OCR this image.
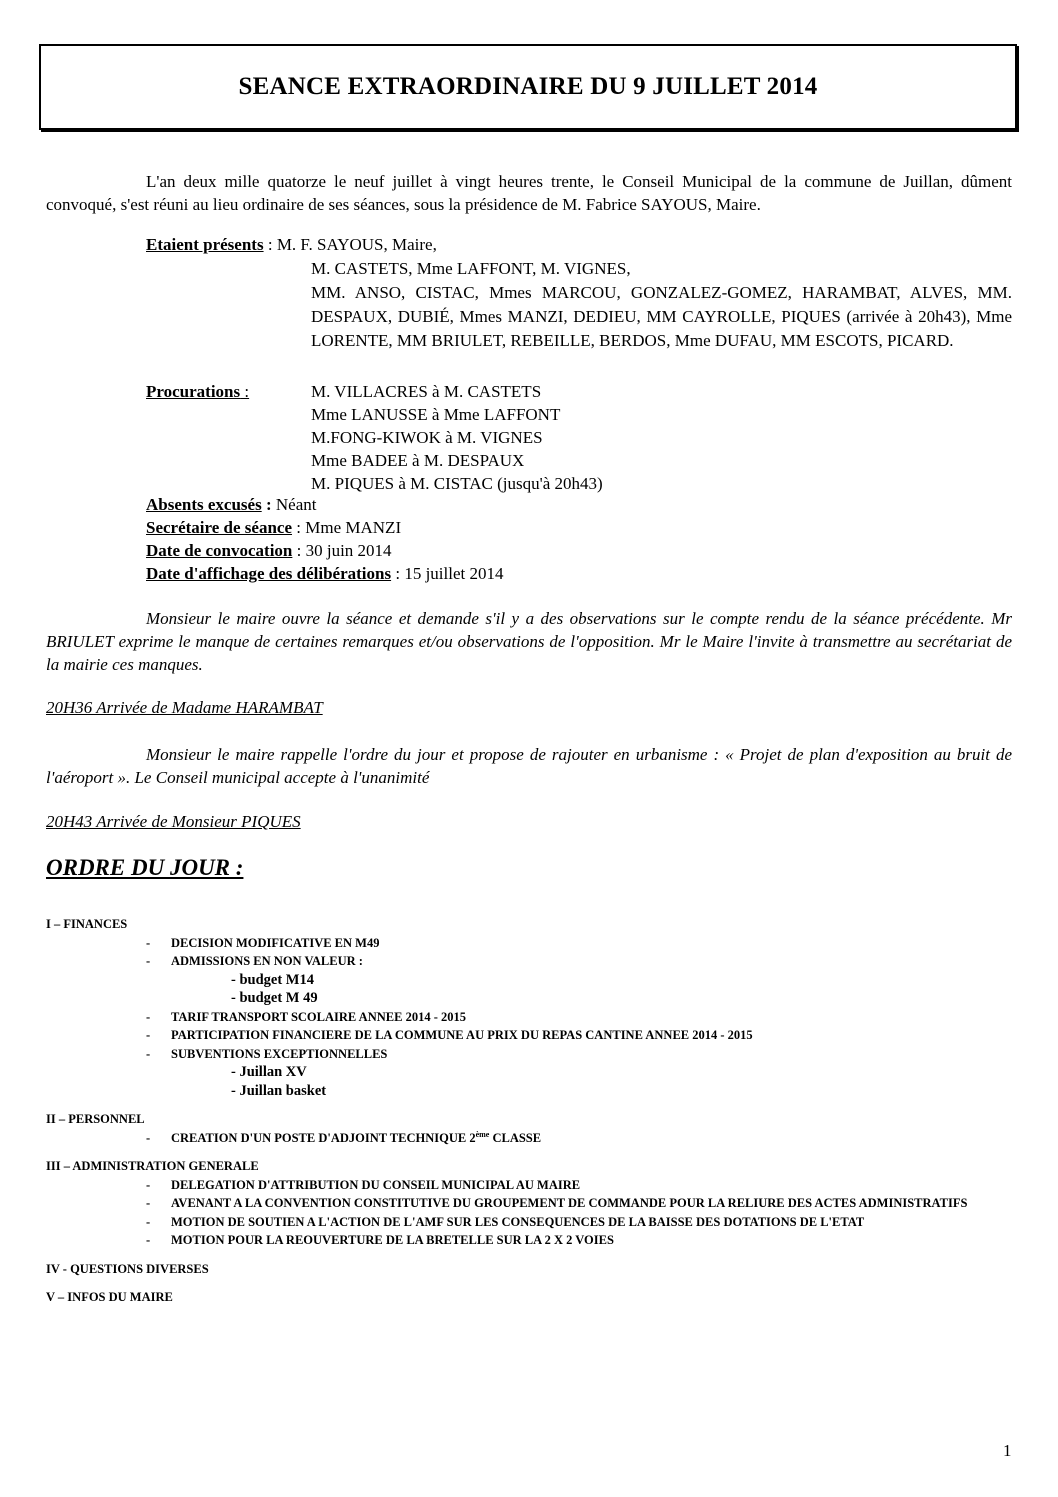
SEANCE EXTRAORDINAIRE DU 9 JUILLET 2014
L'an deux mille quatorze le neuf juillet à vingt heures trente, le Conseil Municipal de la commune de Juillan, dûment convoqué, s'est réuni au lieu ordinaire de ses séances, sous la présidence de M. Fabrice SAYOUS, Maire.
Etaient présents : M. F. SAYOUS, Maire,
M. CASTETS, Mme LAFFONT, M. VIGNES,
MM. ANSO, CISTAC, Mmes MARCOU, GONZALEZ-GOMEZ, HARAMBAT, ALVES, MM. DESPAUX, DUBIÉ, Mmes MANZI, DEDIEU, MM CAYROLLE, PIQUES (arrivée à 20h43), Mme LORENTE, MM BRIULET, REBEILLE, BERDOS, Mme DUFAU, MM ESCOTS, PICARD.
Procurations :	M. VILLACRES à M. CASTETS
Mme LANUSSE à Mme LAFFONT
M.FONG-KIWOK à M. VIGNES
Mme BADEE à M. DESPAUX
M. PIQUES à M. CISTAC (jusqu'à 20h43)
Absents excusés : Néant
Secrétaire de séance : Mme MANZI
Date de convocation : 30 juin 2014
Date d'affichage des délibérations : 15 juillet 2014
Monsieur le maire ouvre la séance et demande s'il y a des observations sur le compte rendu de la séance précédente. Mr BRIULET exprime le manque de certaines remarques et/ou observations de l'opposition. Mr le Maire l'invite à transmettre au secrétariat de la mairie ces manques.
20H36 Arrivée de Madame HARAMBAT
Monsieur le maire rappelle l'ordre du jour et propose de rajouter en urbanisme : « Projet de plan d'exposition au bruit de l'aéroport ». Le Conseil municipal accepte à l'unanimité
20H43 Arrivée de Monsieur PIQUES
ORDRE DU JOUR :
I – FINANCES
- DECISION MODIFICATIVE EN M49
- ADMISSIONS EN NON VALEUR :
- budget M14
- budget M 49
- TARIF TRANSPORT SCOLAIRE ANNEE 2014 - 2015
- PARTICIPATION FINANCIERE DE LA COMMUNE AU PRIX DU REPAS CANTINE ANNEE 2014 - 2015
- SUBVENTIONS EXCEPTIONNELLES
- Juillan XV
- Juillan basket
II – PERSONNEL
- CREATION D'UN POSTE D'ADJOINT TECHNIQUE 2ème CLASSE
III – ADMINISTRATION GENERALE
- DELEGATION D'ATTRIBUTION DU CONSEIL MUNICIPAL AU MAIRE
- AVENANT A LA CONVENTION CONSTITUTIVE DU GROUPEMENT DE COMMANDE POUR LA RELIURE DES ACTES ADMINISTRATIFS
- MOTION DE SOUTIEN A L'ACTION DE L'AMF SUR LES CONSEQUENCES DE LA BAISSE DES DOTATIONS DE L'ETAT
- MOTION POUR LA REOUVERTURE DE LA BRETELLE SUR LA 2 X 2 VOIES
IV - QUESTIONS DIVERSES
V – INFOS DU MAIRE
1
